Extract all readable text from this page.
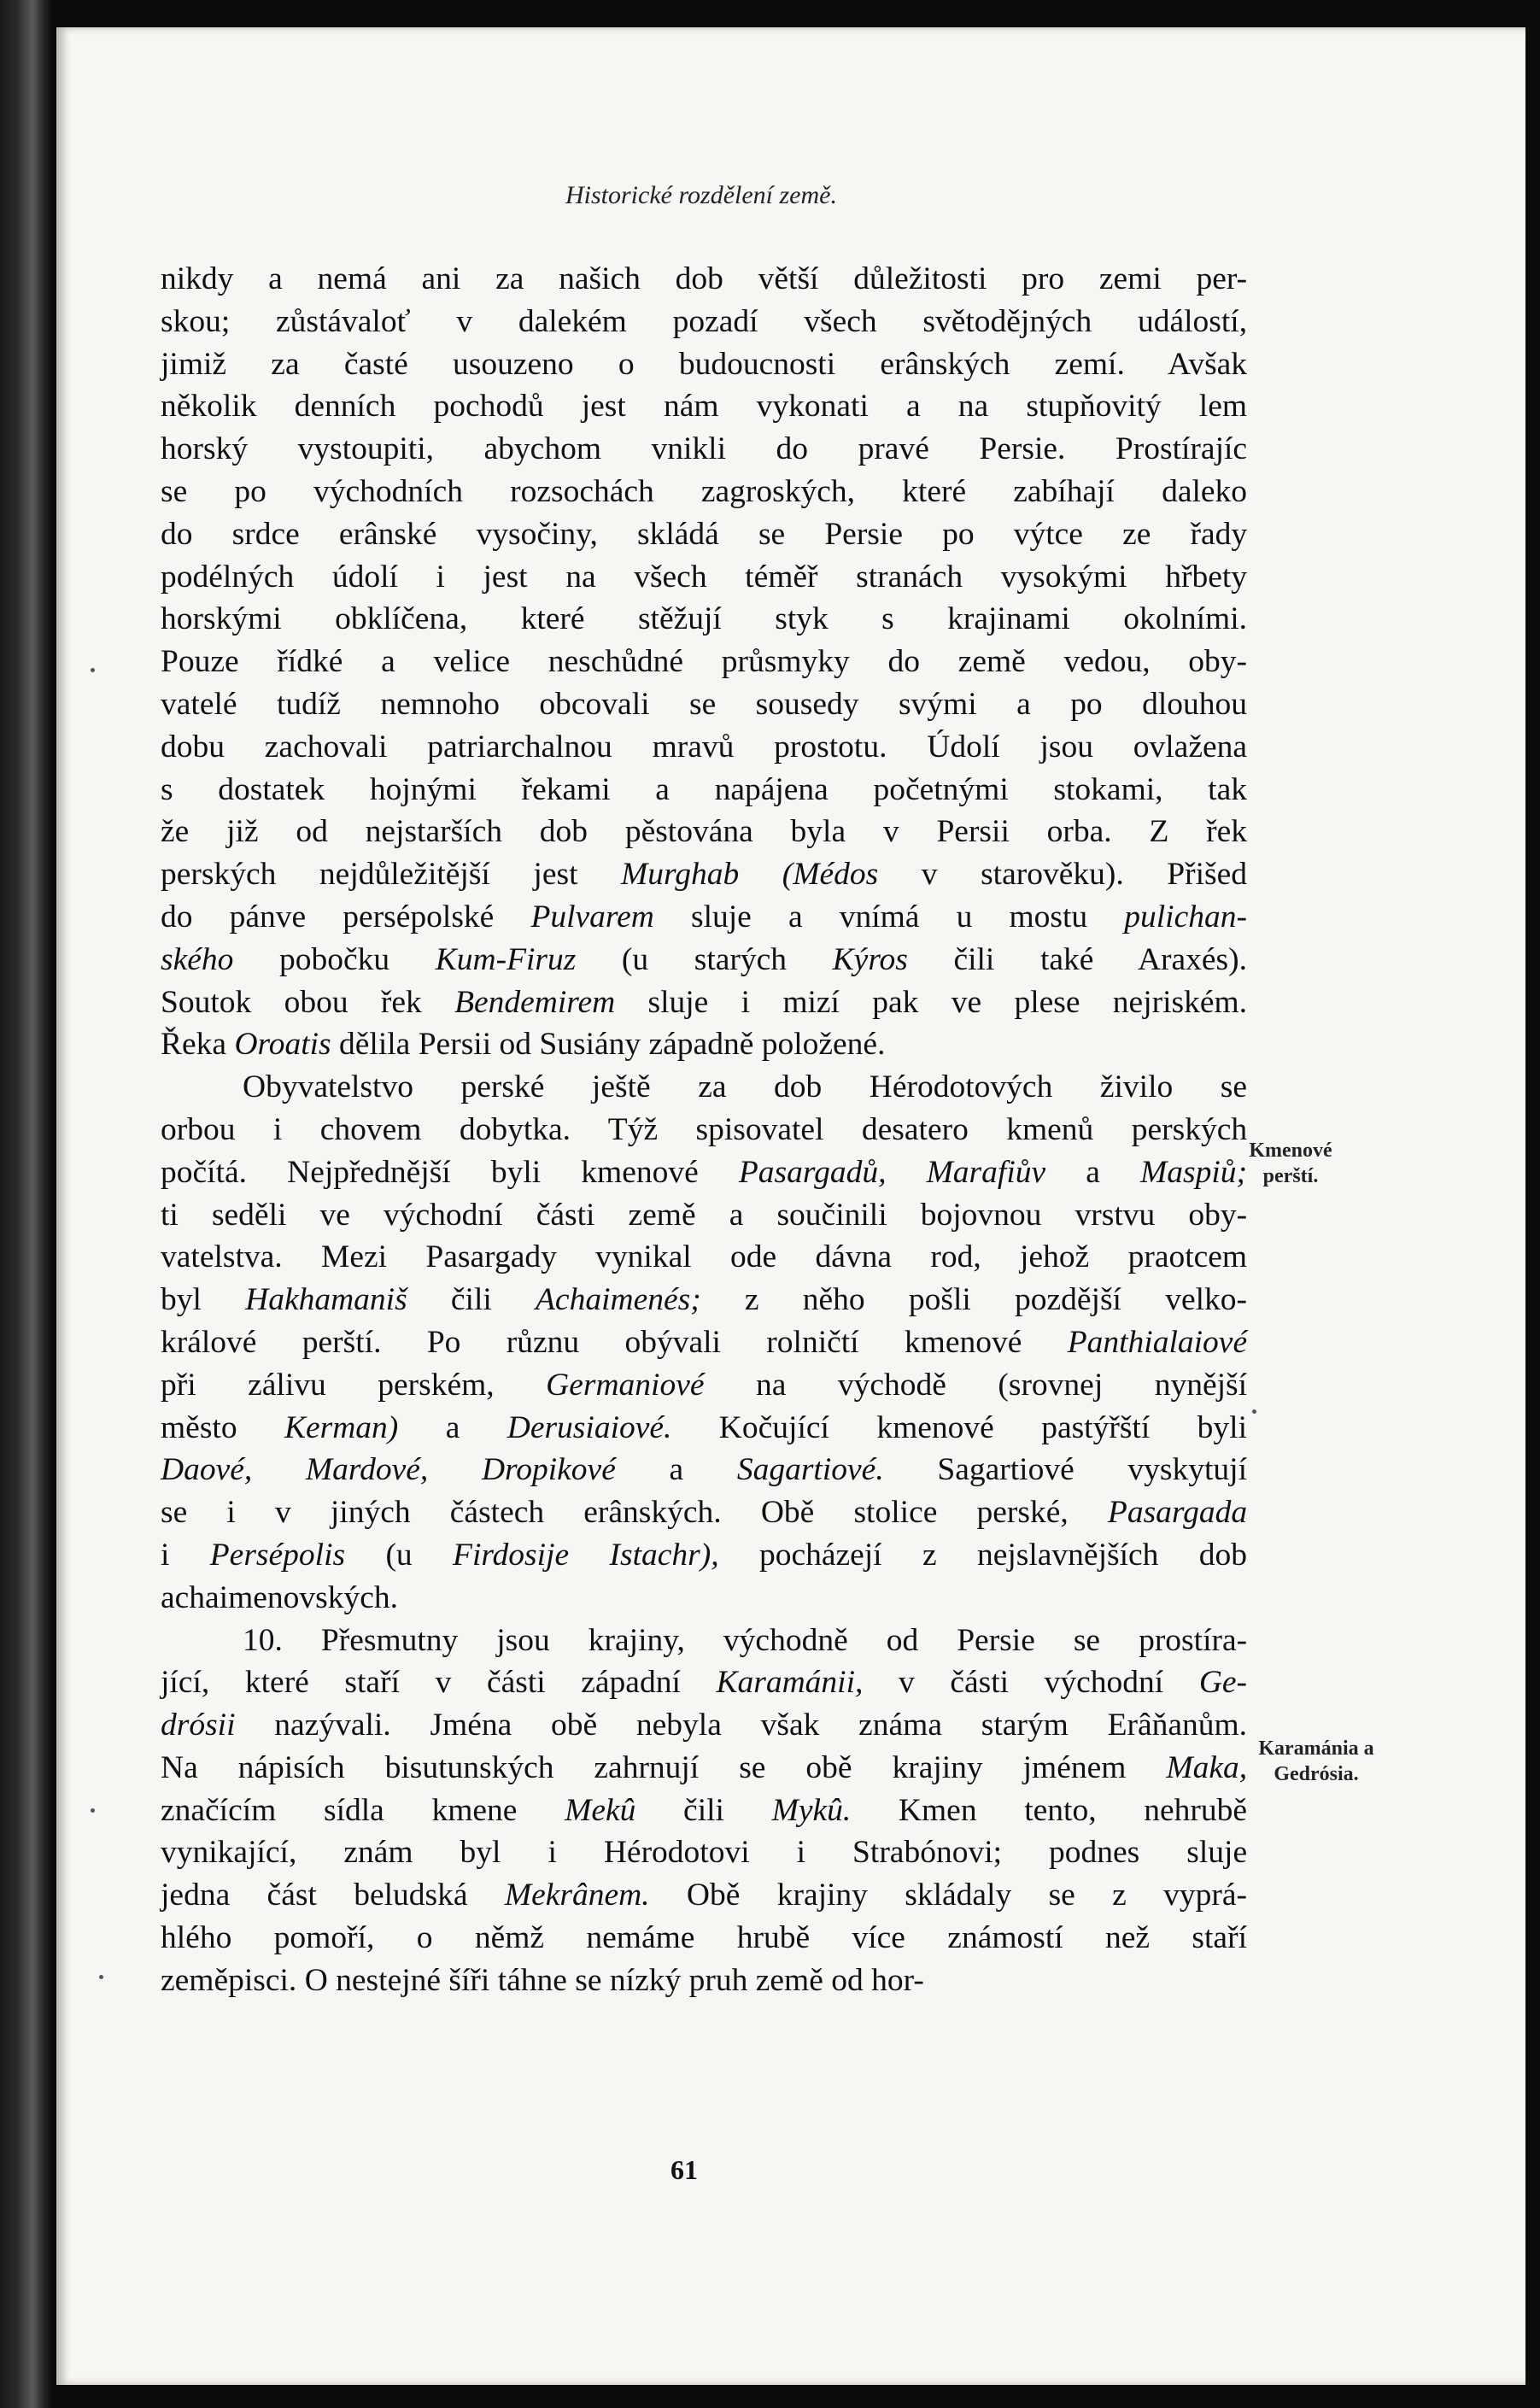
Historické rozdělení země.

nikdy a nemá ani za našich dob větší důležitosti pro zemi per-
skou; zůstávaloť v dalekém pozadí všech světodějných událostí,
jimiž za časté usouzeno o budoucnosti erânských zemí. Avšak
několik denních pochodů jest nám vykonati a na stupňovitý lem
horský vystoupiti, abychom vnikli do pravé Persie. Prostírajíc
se po východních rozsochách zagroských, které zabíhají daleko
do srdce erânské vysočiny, skládá se Persie po výtce ze řady
podélných údolí i jest na všech téměř stranách vysokými hřbety
horskými obklíčena, které stěžují styk s krajinami okolními.
Pouze řídké a velice neschůdné průsmyky do země vedou, oby-
vatelé tudíž nemnoho obcovali se sousedy svými a po dlouhou
dobu zachovali patriarchalnou mravů prostotu. Údolí jsou ovlažena
s dostatek hojnými řekami a napájena početnými stokami, tak
že již od nejstarších dob pěstována byla v Persii orba. Z řek
perských nejdůležitější jest Murghab (Médos v starověku). Přišed
do pánve persépolské Pulvarem sluje a vnímá u mostu pulichan-
ského pobočku Kum-Firuz (u starých Kýros čili také Araxés).
Soutok obou řek Bendemirem sluje i mizí pak ve plese nejriském.
Řeka Oroatis dělila Persii od Susiány západně položené.

Obyvatelstvo perské ještě za dob Hérodotových živilo se
orbou i chovem dobytka. Týž spisovatel desatero kmenů perských
počítá. Nejpřednější byli kmenové Pasargadů, Marafiův a Maspiů;
ti seděli ve východní části země a součinili bojovnou vrstvu oby-
vatelstva. Mezi Pasargady vynikal ode dávna rod, jehož praotcem
byl Hakhamaniš čili Achaimenés; z něho pošli pozdější velko-
králové perští. Po různu obývali rolničtí kmenové Panthialaiové
při zálivu perském, Germaniové na východě (srovnej nynější
město Kerman) a Derusiaiové. Kočující kmenové pastýřští byli
Daové, Mardové, Dropikové a Sagartiové. Sagartiové vyskytují
se i v jiných částech erânských. Obě stolice perské, Pasargada
i Persépolis (u Firdosije Istachr), pocházejí z nejslavnějších dob
achaimenovských.

10. Přesmutny jsou krajiny, východně od Persie se prostíra-
jící, které staří v části západní Karamánii, v části východní Ge-
drósii nazývali. Jména obě nebyla však známa starým Erâňanům.
Na nápisích bisutunských zahrnují se obě krajiny jménem Maka,
značícím sídla kmene Mekû čili Mykû. Kmen tento, nehrubě
vynikající, znám byl i Hérodotovi i Strabónovi; podnes sluje
jedna část beludská Mekrânem. Obě krajiny skládaly se z vyprá-
hlého pomoří, o němž nemáme hrubě více známostí než staří
zeměpisci. O nestejné šíři táhne se nízký pruh země od hor-

Kmenové
perští.
Karamánia a
Gedrósia.
61
